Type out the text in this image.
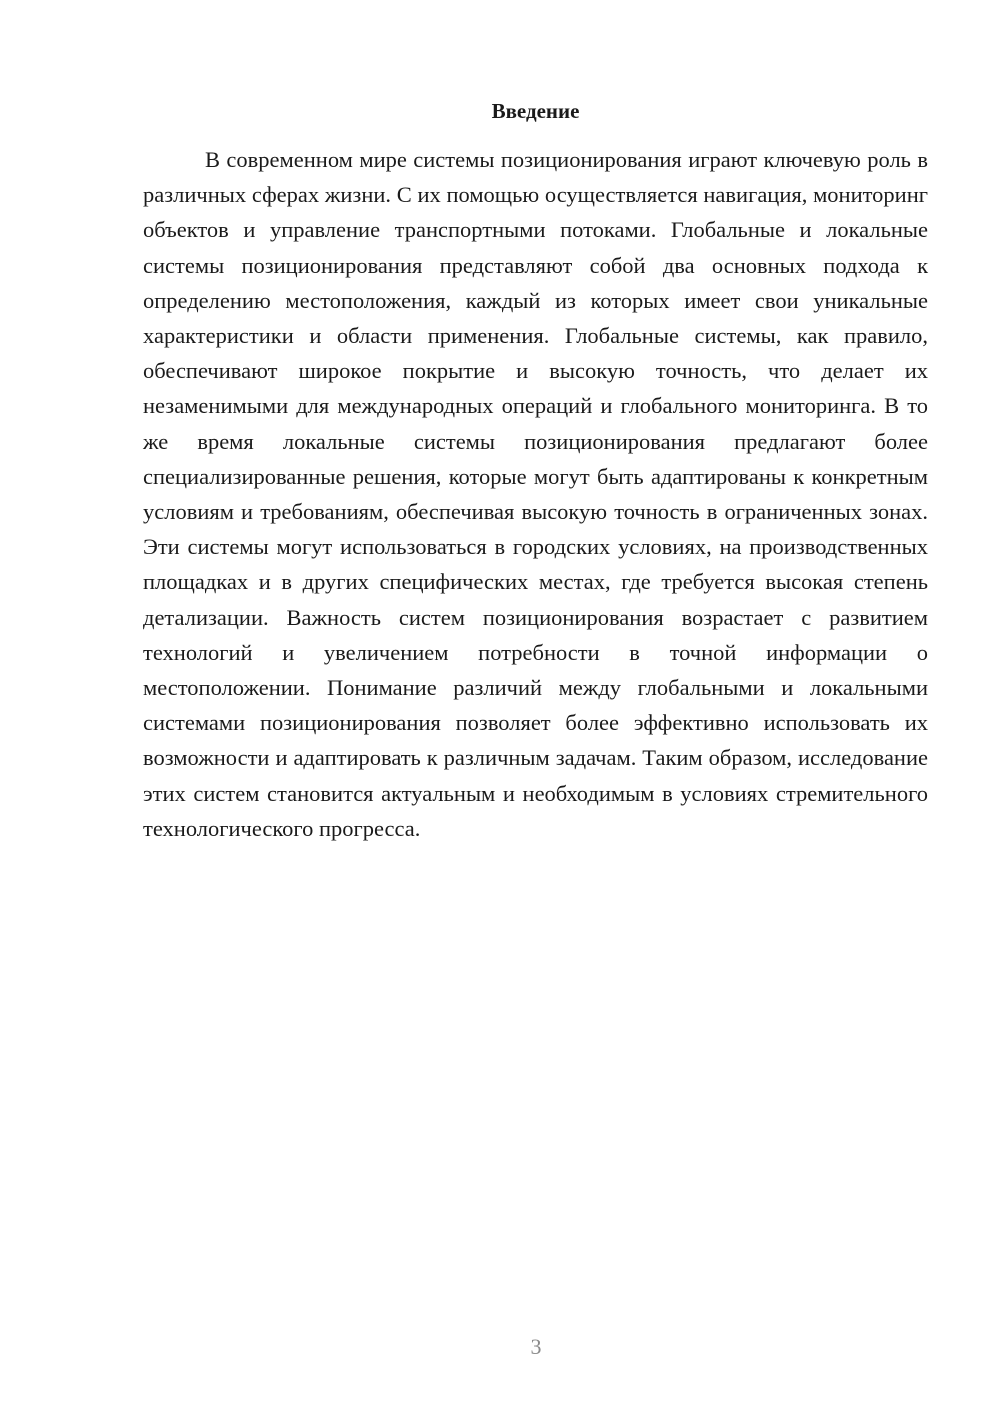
Введение

В современном мире системы позиционирования играют ключевую роль в различных сферах жизни. С их помощью осуществляется навигация, мониторинг объектов и управление транспортными потоками. Глобальные и локальные системы позиционирования представляют собой два основных подхода к определению местоположения, каждый из которых имеет свои уникальные характеристики и области применения. Глобальные системы, как правило, обеспечивают широкое покрытие и высокую точность, что делает их незаменимыми для международных операций и глобального мониторинга. В то же время локальные системы позиционирования предлагают более специализированные решения, которые могут быть адаптированы к конкретным условиям и требованиям, обеспечивая высокую точность в ограниченных зонах. Эти системы могут использоваться в городских условиях, на производственных площадках и в других специфических местах, где требуется высокая степень детализации. Важность систем позиционирования возрастает с развитием технологий и увеличением потребности в точной информации о местоположении. Понимание различий между глобальными и локальными системами позиционирования позволяет более эффективно использовать их возможности и адаптировать к различным задачам. Таким образом, исследование этих систем становится актуальным и необходимым в условиях стремительного технологического прогресса.

3
